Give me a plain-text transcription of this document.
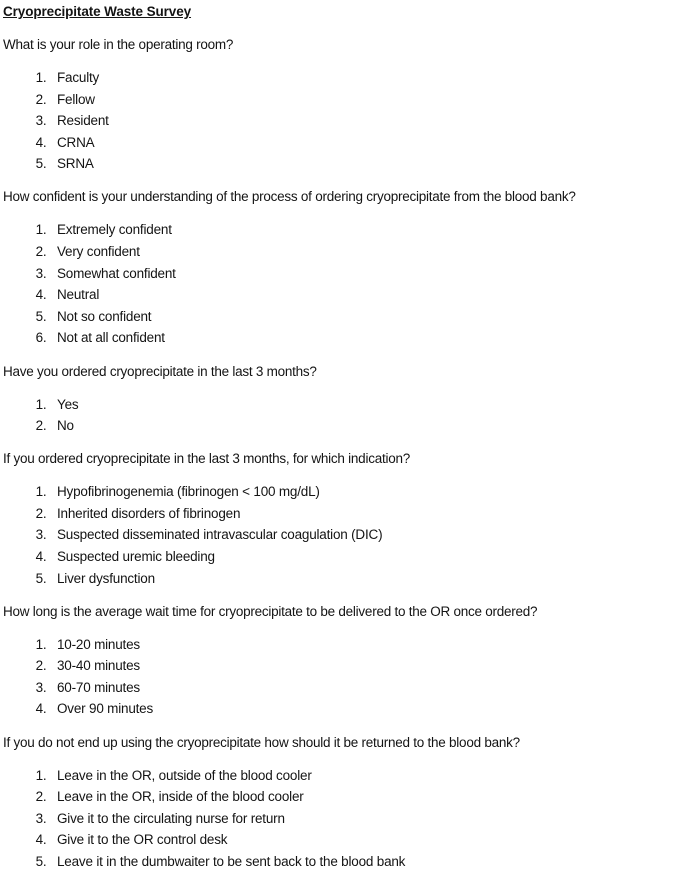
Cryoprecipitate Waste Survey

What is your role in the operating room?

1. Faculty
2. Fellow
3. Resident
4. CRNA
5. SRNA

How confident is your understanding of the process of ordering cryoprecipitate from the blood bank?

1. Extremely confident
2. Very confident
3. Somewhat confident
4. Neutral
5. Not so confident
6. Not at all confident

Have you ordered cryoprecipitate in the last 3 months?

1. Yes
2. No

If you ordered cryoprecipitate in the last 3 months, for which indication?

1. Hypofibrinogenemia (fibrinogen < 100 mg/dL)
2. Inherited disorders of fibrinogen
3. Suspected disseminated intravascular coagulation (DIC)
4. Suspected uremic bleeding
5. Liver dysfunction

How long is the average wait time for cryoprecipitate to be delivered to the OR once ordered?

1. 10-20 minutes
2. 30-40 minutes
3. 60-70 minutes
4. Over 90 minutes

If you do not end up using the cryoprecipitate how should it be returned to the blood bank?

1. Leave in the OR, outside of the blood cooler
2. Leave in the OR, inside of the blood cooler
3. Give it to the circulating nurse for return
4. Give it to the OR control desk
5. Leave it in the dumbwaiter to be sent back to the blood bank
